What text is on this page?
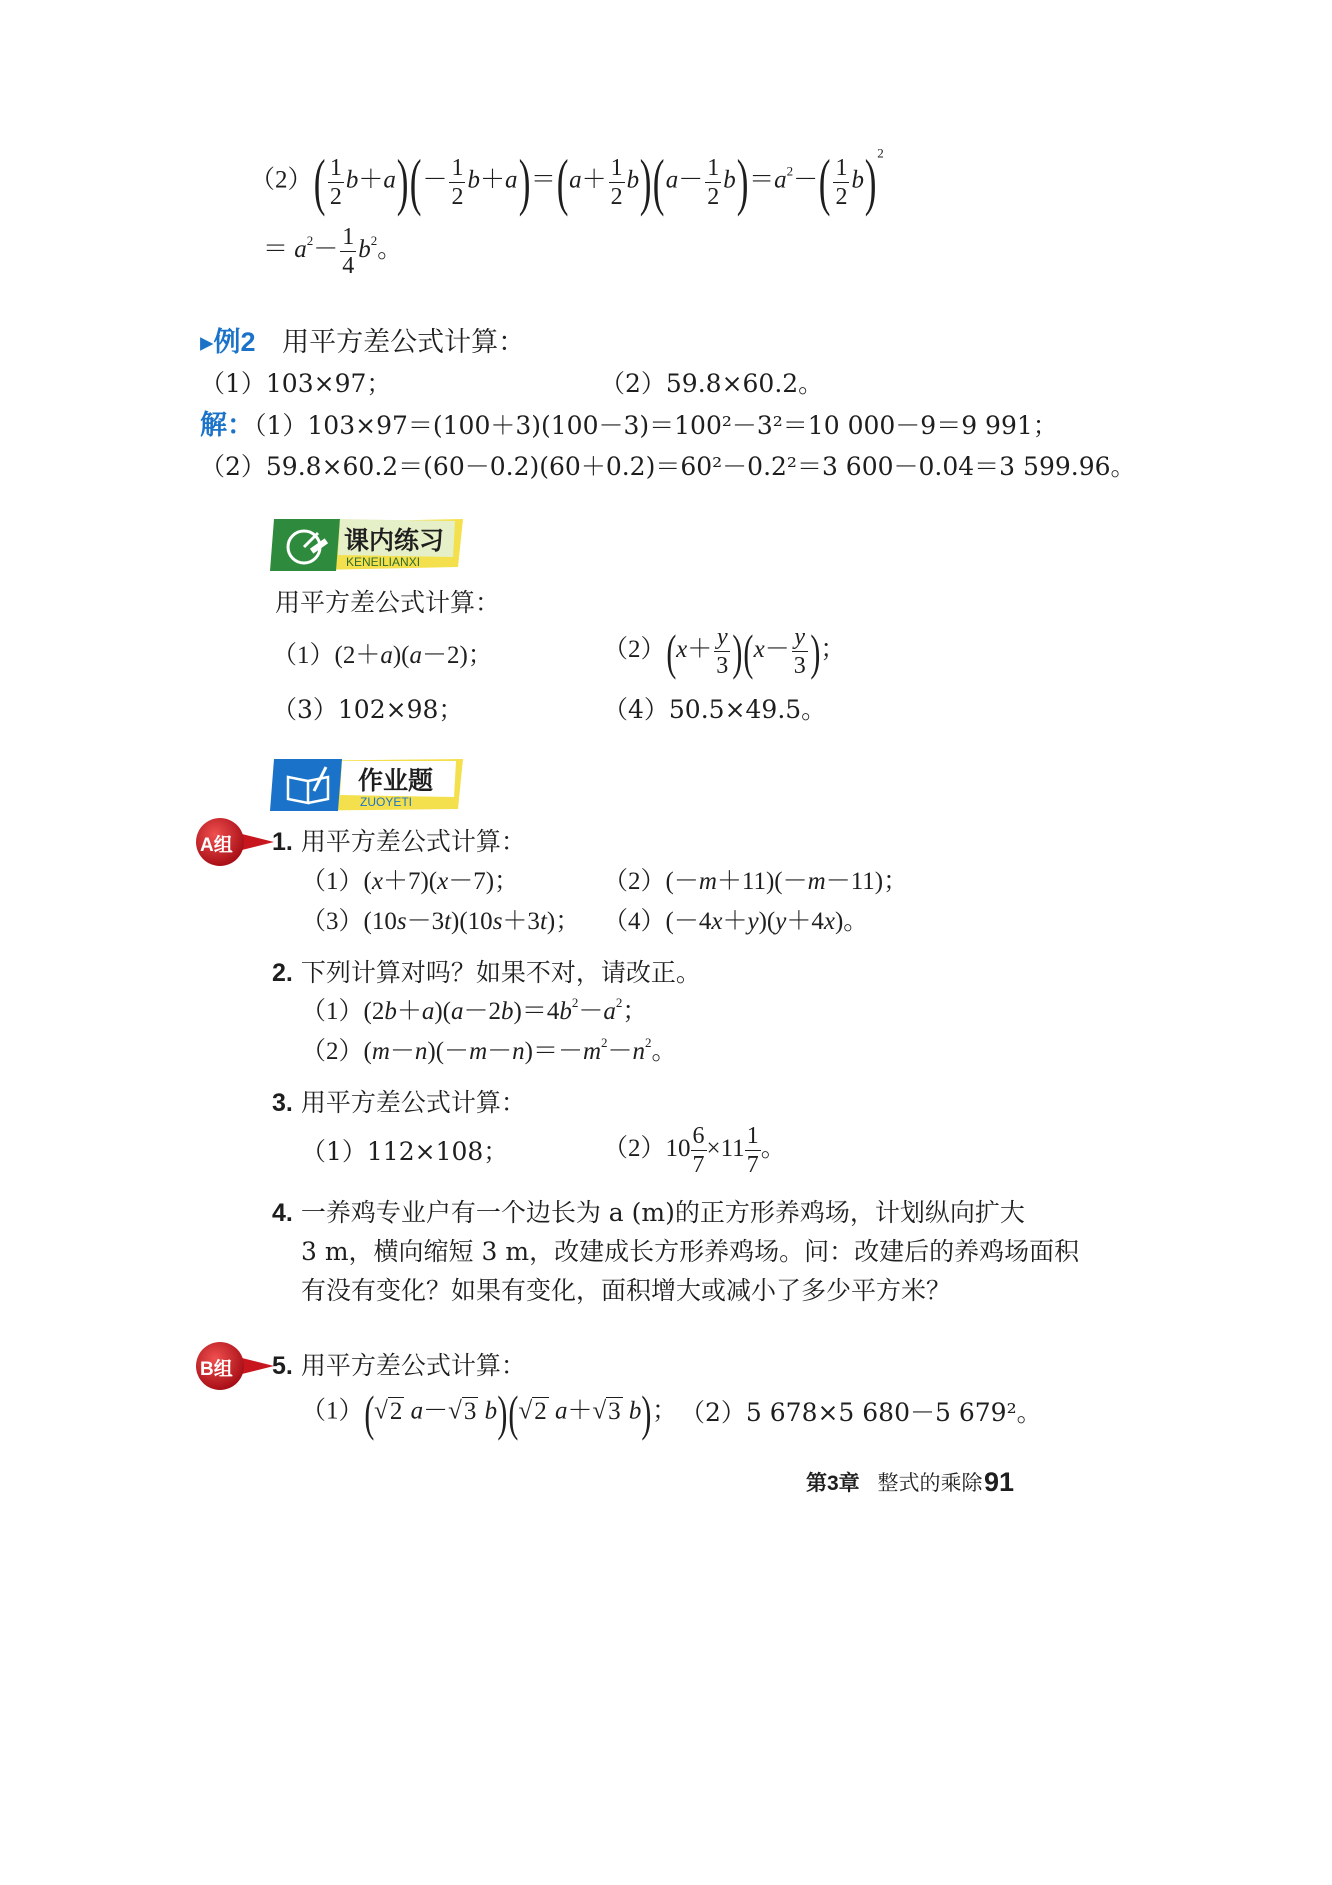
$(2)( \frac{1}{2} b+a)(- \frac{1}{2} b+a)=(a+ \frac{1}{2} b)(a- \frac{1}{2} b)=a^2-( \frac{1}{2} b)^2$
＝ $a^2- \frac{1}{4} b^2$。
▸例2 用平方差公式计算：
（1）103×97；	（2）59.8×60.2。
解：（1）103×97＝(100＋3)(100－3)＝100²－3²＝10 000－9＝9 991；
（2）59.8×60.2＝(60－0.2)(60＋0.2)＝60²－0.2²＝3 600－0.04＝3 599.96。
课内练习
KENEILIANXI
用平方差公式计算：
（1）(2＋a)(a－2)；	$(2)(x+ \frac{y}{3} )(x- \frac{y}{3}$ )；
（3）102×98；	（4）50.5×49.5。
作业题
ZUOYETI
A组 1. 用平方差公式计算：
（1）(x＋7)(x－7)；	（2）(－m＋11)(－m－11)；
（3）(10s－3t)(10s＋3t)； （4）(－4x＋y)(y＋4x)。
2. 下列计算对吗？如果不对，请改正。
$(1)(2b+a)(a-2b)=4b^2-a^2$；
$(2)(m-n)(-m-n)=-m^2-n^2$。
3. 用平方差公式计算：
（1）112×108；	$(2)10 \frac{6}{7} \times 11 \frac{1}{7}$ 。
4. 一养鸡专业户有一个边长为 a (m)的正方形养鸡场，计划纵向扩大
3 m，横向缩短 3 m，改建成长方形养鸡场。问：改建后的养鸡场面积
有没有变化？如果有变化，面积增大或减小了多少平方米？
B组 5. 用平方差公式计算：
（1）(√2 a－√3 b)(√2 a＋√3 b)； （2）5 678×5 680－5 679²。
第3章 整式的乘除 91
